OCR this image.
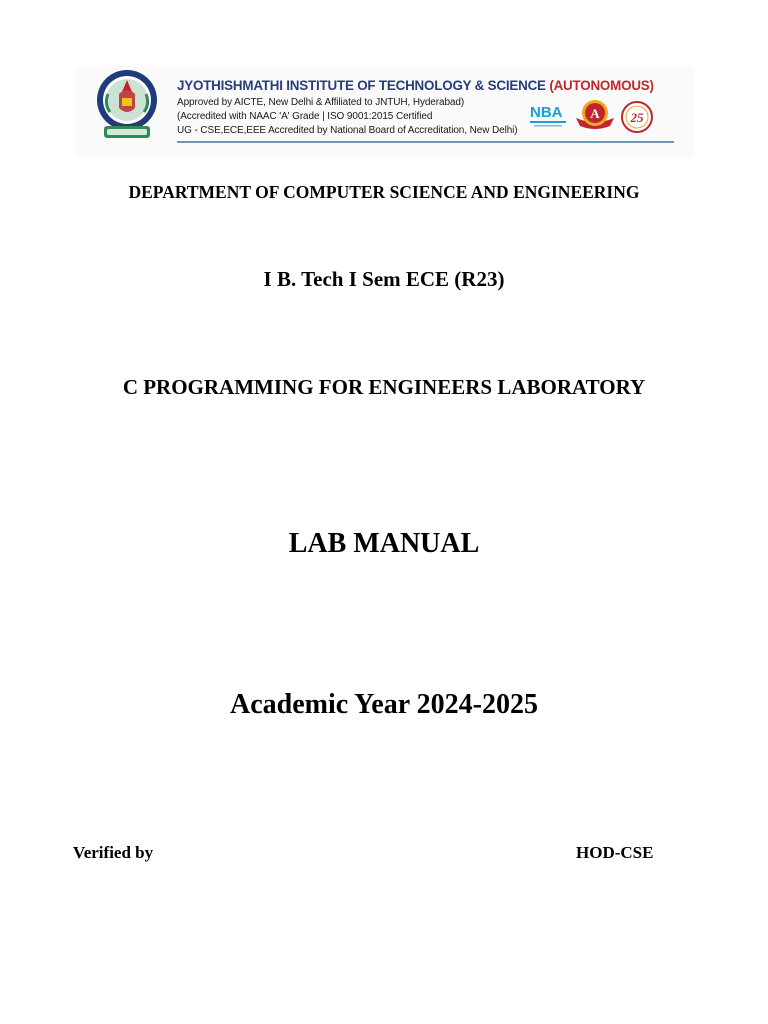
JYOTHISHMATHI INSTITUTE OF TECHNOLOGY & SCIENCE (AUTONOMOUS)
Approved by AICTE, New Delhi & Affiliated to JNTUH, Hyderabad)
(Accredited with NAAC 'A' Grade | ISO 9001:2015 Certified
UG - CSE,ECE,EEE Accredited by National Board of Accreditation, New Delhi)
NBA A 25
DEPARTMENT OF COMPUTER SCIENCE AND ENGINEERING
I B. Tech I Sem ECE (R23)
C PROGRAMMING FOR ENGINEERS LABORATORY
LAB MANUAL
Academic Year 2024-2025
Verified by	HOD-CSE
